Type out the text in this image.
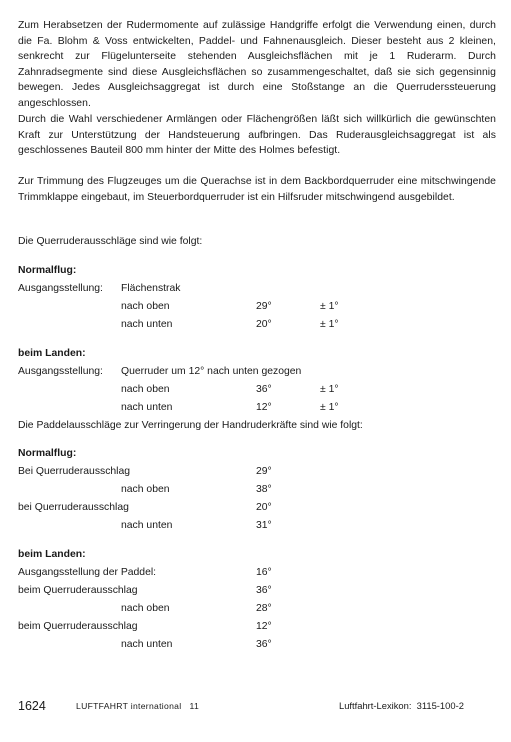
Zum Herabsetzen der Rudermomente auf zulässige Handgriffe erfolgt die Verwendung einen, durch die Fa. Blohm & Voss entwickelten, Paddel- und Fahnenausgleich. Dieser besteht aus 2 kleinen, senkrecht zur Flügelunterseite stehenden Ausgleichsflächen mit je 1 Ruderarm. Durch Zahnradsegmente sind diese Ausgleichsflächen so zusammengeschaltet, daß sie sich gegensinnig bewegen. Jedes Ausgleichsaggregat ist durch eine Stoßstange an die Querruderssteuerung angeschlossen.

Durch die Wahl verschiedener Armlängen oder Flächengrößen läßt sich willkürlich die gewünschten Kraft zur Unterstützung der Handsteuerung aufbringen. Das Ruderausgleichsaggregat ist als geschlossenes Bauteil 800 mm hinter der Mitte des Holmes befestigt.

Zur Trimmung des Flugzeuges um die Querachse ist in dem Backbordquerruder eine mitschwingende Trimmklappe eingebaut, im Steuerbordquerruder ist ein Hilfsruder mitschwingend ausgebildet.

Die Querruderausschläge sind wie folgt:
Normalflug:
Ausgangsstellung: Flächenstrak
nach oben	29°	± 1°
nach unten	20°	± 1°
beim Landen:
Ausgangsstellung: Querruder um 12° nach unten gezogen
nach oben	36°	± 1°
nach unten	12°	± 1°
Die Paddelausschläge zur Verringerung der Handruderkräfte sind wie folgt:
Normalflug:
Bei Querruderausschlag	29°
nach oben	38°
bei Querruderausschlag	20°
nach unten	31°
beim Landen:
Ausgangsstellung der Paddel:	16°
beim Querruderausschlag	36°
nach oben	28°
beim Querruderausschlag	12°
nach unten	36°
1624	LUFTFAHRT international   11	Luftfahrt-Lexikon:  3115-100-2
